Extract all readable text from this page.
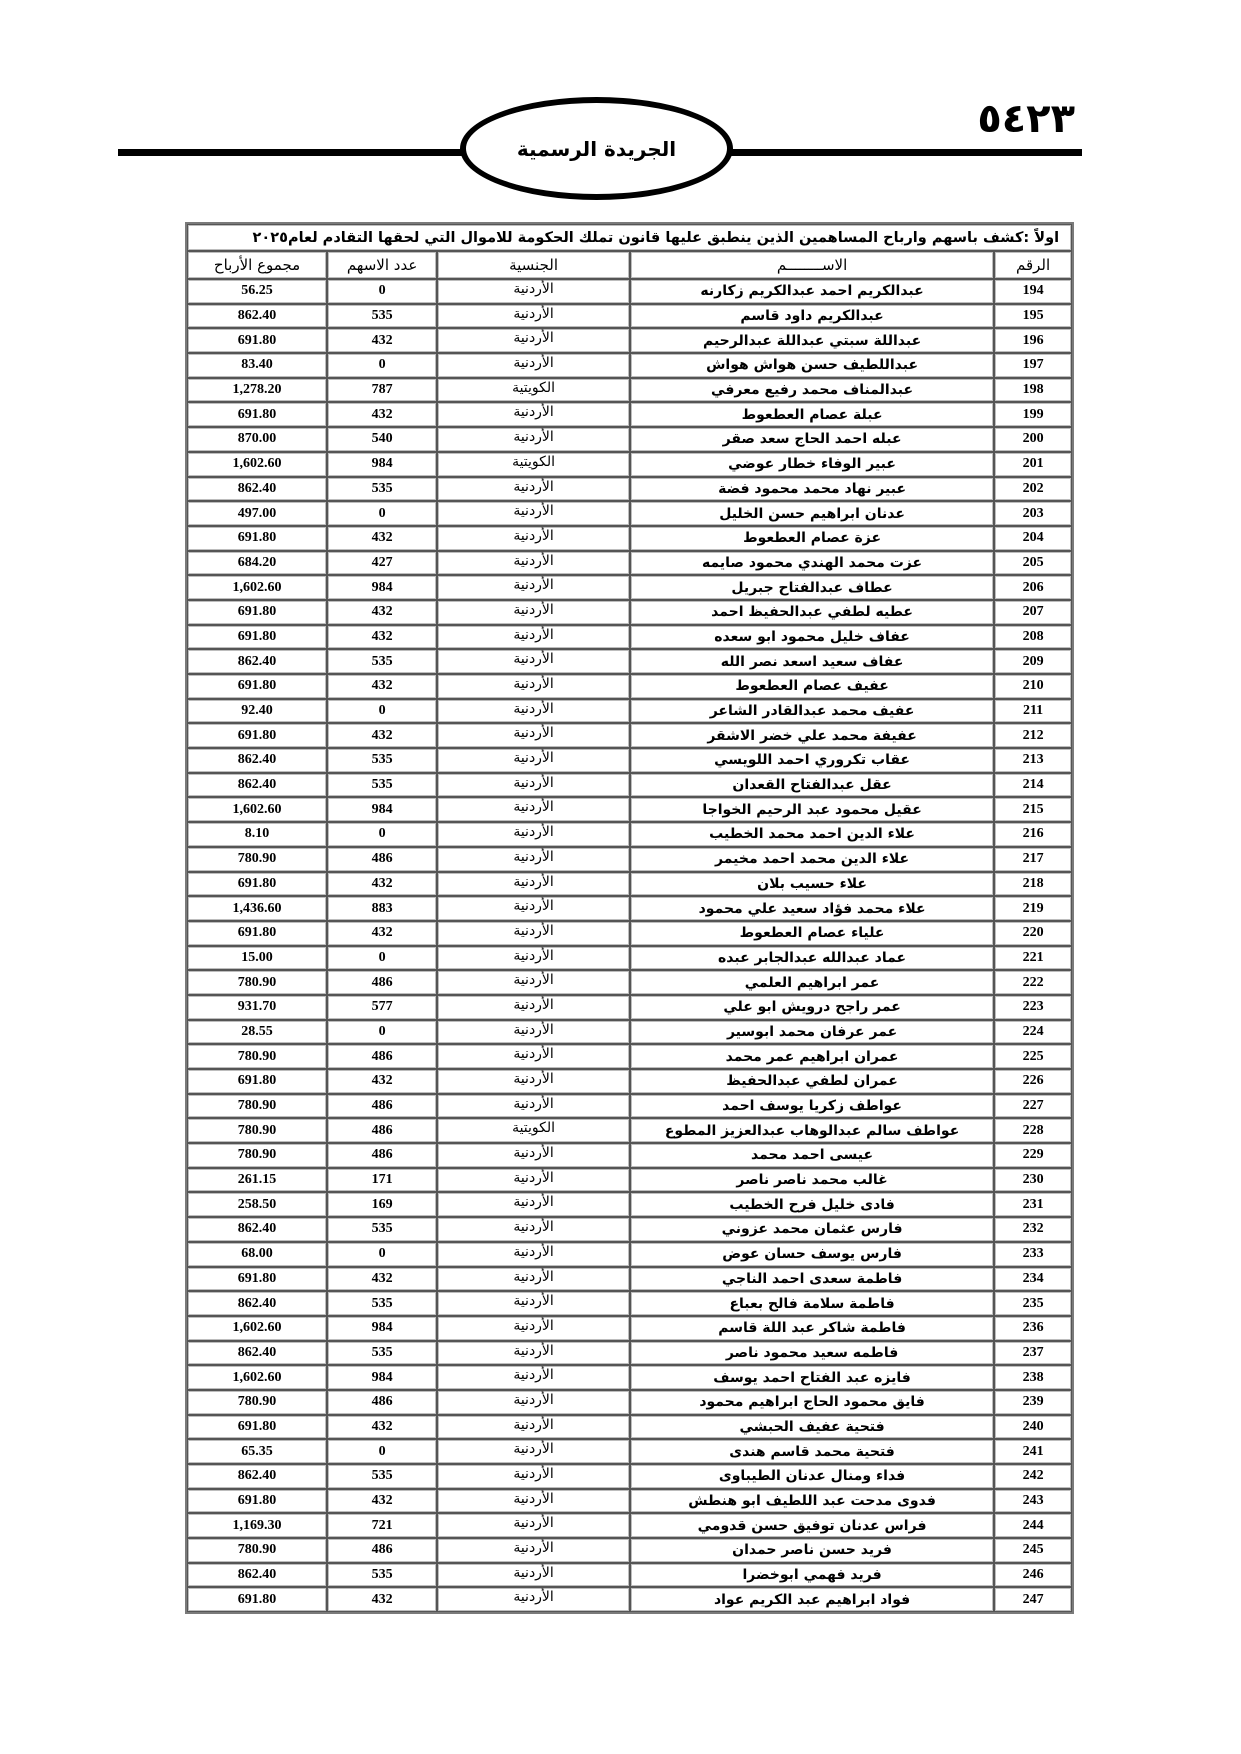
الجريدة الرسمية
٥٤٢٣
اولاً :كشف باسهم وارباح المساهمين الذين ينطبق عليها قانون تملك الحكومة للاموال التي لحقها التقادم لعام٢٠٢٥				
الرقم	الاســــــــم	الجنسية	عدد الاسهم	مجموع الأرباح
194	عبدالكريم احمد عبدالكريم زكارنه	الأردنية	0	56.25
195	عبدالكريم داود قاسم	الأردنية	535	862.40
196	عبداللة سبتي عبداللة عبدالرحيم	الأردنية	432	691.80
197	عبداللطيف حسن هواش هواش	الأردنية	0	83.40
198	عبدالمناف محمد رفيع معرفي	الكويتية	787	1,278.20
199	عبلة عصام العطعوط	الأردنية	432	691.80
200	عبله احمد الحاج سعد صقر	الأردنية	540	870.00
201	عبير الوفاء خطار عوضي	الكويتية	984	1,602.60
202	عبير نهاد محمد محمود فضة	الأردنية	535	862.40
203	عدنان ابراهيم حسن الخليل	الأردنية	0	497.00
204	عزة عصام العطعوط	الأردنية	432	691.80
205	عزت محمد الهندي محمود صايمه	الأردنية	427	684.20
206	عطاف عبدالفتاح جبريل	الأردنية	984	1,602.60
207	عطيه لطفي عبدالحفيظ احمد	الأردنية	432	691.80
208	عفاف خليل محمود ابو سعده	الأردنية	432	691.80
209	عفاف سعيد اسعد نصر الله	الأردنية	535	862.40
210	عفيف عصام العطعوط	الأردنية	432	691.80
211	عفيف محمد عبدالقادر الشاعر	الأردنية	0	92.40
212	عفيفة محمد علي خضر الاشقر	الأردنية	432	691.80
213	عقاب تكروري احمد اللويسي	الأردنية	535	862.40
214	عقل عبدالفتاح القعدان	الأردنية	535	862.40
215	عقيل محمود عبد الرحيم الخواجا	الأردنية	984	1,602.60
216	علاء الدين احمد محمد الخطيب	الأردنية	0	8.10
217	علاء الدين محمد احمد مخيمر	الأردنية	486	780.90
218	علاء حسيب بلان	الأردنية	432	691.80
219	علاء محمد فؤاد سعيد علي محمود	الأردنية	883	1,436.60
220	علياء عصام العطعوط	الأردنية	432	691.80
221	عماد عبدالله عبدالجابر عبده	الأردنية	0	15.00
222	عمر ابراهيم العلمي	الأردنية	486	780.90
223	عمر راجح درويش ابو علي	الأردنية	577	931.70
224	عمر عرفان محمد ابوسير	الأردنية	0	28.55
225	عمران ابراهيم عمر محمد	الأردنية	486	780.90
226	عمران لطفي عبدالحفيظ	الأردنية	432	691.80
227	عواطف زكريا يوسف احمد	الأردنية	486	780.90
228	عواطف سالم عبدالوهاب عبدالعزيز المطوع	الكويتية	486	780.90
229	عيسى احمد محمد	الأردنية	486	780.90
230	غالب محمد ناصر ناصر	الأردنية	171	261.15
231	فادى خليل فرح الخطيب	الأردنية	169	258.50
232	فارس عثمان محمد عزوني	الأردنية	535	862.40
233	فارس يوسف حسان عوض	الأردنية	0	68.00
234	فاطمة سعدى احمد الناجي	الأردنية	432	691.80
235	فاطمة سلامة فالح بعباع	الأردنية	535	862.40
236	فاطمة شاكر عبد اللة قاسم	الأردنية	984	1,602.60
237	فاطمه سعيد محمود ناصر	الأردنية	535	862.40
238	فايزه عبد الفتاح احمد يوسف	الأردنية	984	1,602.60
239	فايق محمود الحاج ابراهيم محمود	الأردنية	486	780.90
240	فتحية عفيف الحبشي	الأردنية	432	691.80
241	فتحية محمد قاسم هندى	الأردنية	0	65.35
242	فداء ومنال عدنان الطيباوى	الأردنية	535	862.40
243	فدوى مدحت عبد اللطيف ابو هنطش	الأردنية	432	691.80
244	فراس عدنان توفيق حسن قدومي	الأردنية	721	1,169.30
245	فريد حسن ناصر حمدان	الأردنية	486	780.90
246	فريد فهمي ابوخضرا	الأردنية	535	862.40
247	فواد ابراهيم عبد الكريم عواد	الأردنية	432	691.80
